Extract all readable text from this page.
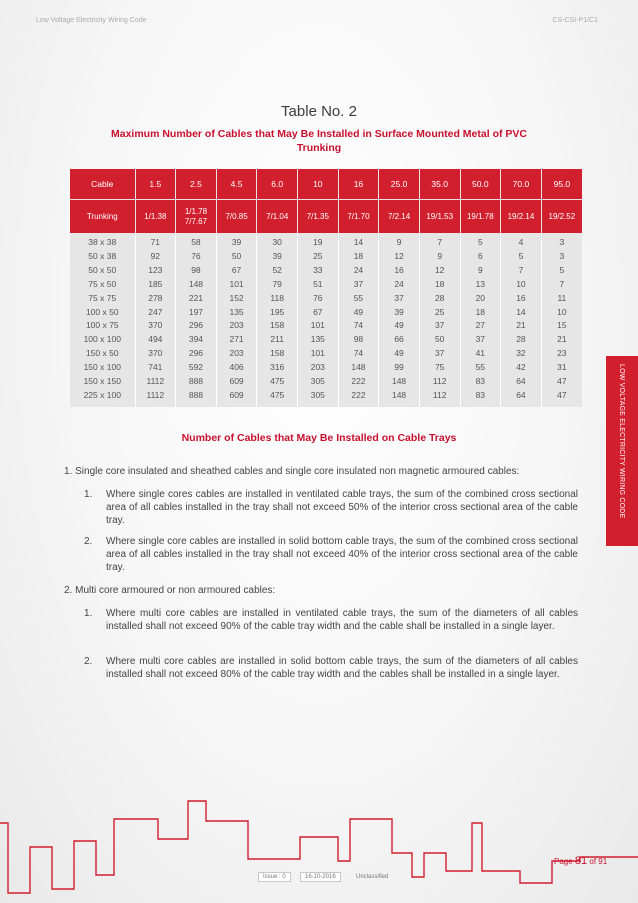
Low Voltage Electricity Wiring Code	CS-CSI-P1/C1
Table No. 2
Maximum Number of Cables that May Be Installed in Surface Mounted Metal of PVC Trunking
Cable	1.5	2.5	4.5	6.0	10	16	25.0	35.0	50.0	70.0	95.0
Trunking	1/1.38	1/1.78 7/7.67	7/0.85	7/1.04	7/1.35	7/1.70	7/2.14	19/1.53	19/1.78	19/2.14	19/2.52
38 x 38	71	58	39	30	19	14	9	7	5	4	3
50 x 38	92	76	50	39	25	18	12	9	6	5	3
50 x 50	123	98	67	52	33	24	16	12	9	7	5
75 x 50	185	148	101	79	51	37	24	18	13	10	7
75 x 75	278	221	152	118	76	55	37	28	20	16	11
100 x 50	247	197	135	195	67	49	39	25	18	14	10
100 x 75	370	296	203	158	101	74	49	37	27	21	15
100 x 100	494	394	271	211	135	98	66	50	37	28	21
150 x 50	370	296	203	158	101	74	49	37	41	32	23
150 x 100	741	592	406	316	203	148	99	75	55	42	31
150 x 150	1112	888	609	475	305	222	148	112	83	64	47
225 x 100	1112	888	609	475	305	222	148	112	83	64	47
Number of Cables that May Be Installed on Cable Trays
1. Single core insulated and sheathed cables and single core insulated non magnetic armoured cables:
1. Where single cores cables are installed in ventilated cable trays, the sum of the combined cross sectional area of all cables installed in the tray shall not exceed 50% of the interior cross sectional area of the cable tray.
2. Where single core cables are installed in solid bottom cable trays, the sum of the combined cross sectional area of all cables installed in the tray shall not exceed 40% of the interior cross sectional area of the cable tray.
2. Multi core armoured or non armoured cables:
1. Where multi core cables are installed in ventilated cable trays, the sum of the diameters of all cables installed shall not exceed 90% of the cable tray width and the cable shall be installed in a single layer.
2. Where multi core cables are installed in solid bottom cable trays, the sum of the diameters of all cables installed shall not exceed 80% of the cable tray width and the cables shall be installed in a single layer.
LOW VOLTAGE ELECTRICITY WIRING CODE
Page 81 of 91
Issue : 0	16-10-2016	Unclassified
